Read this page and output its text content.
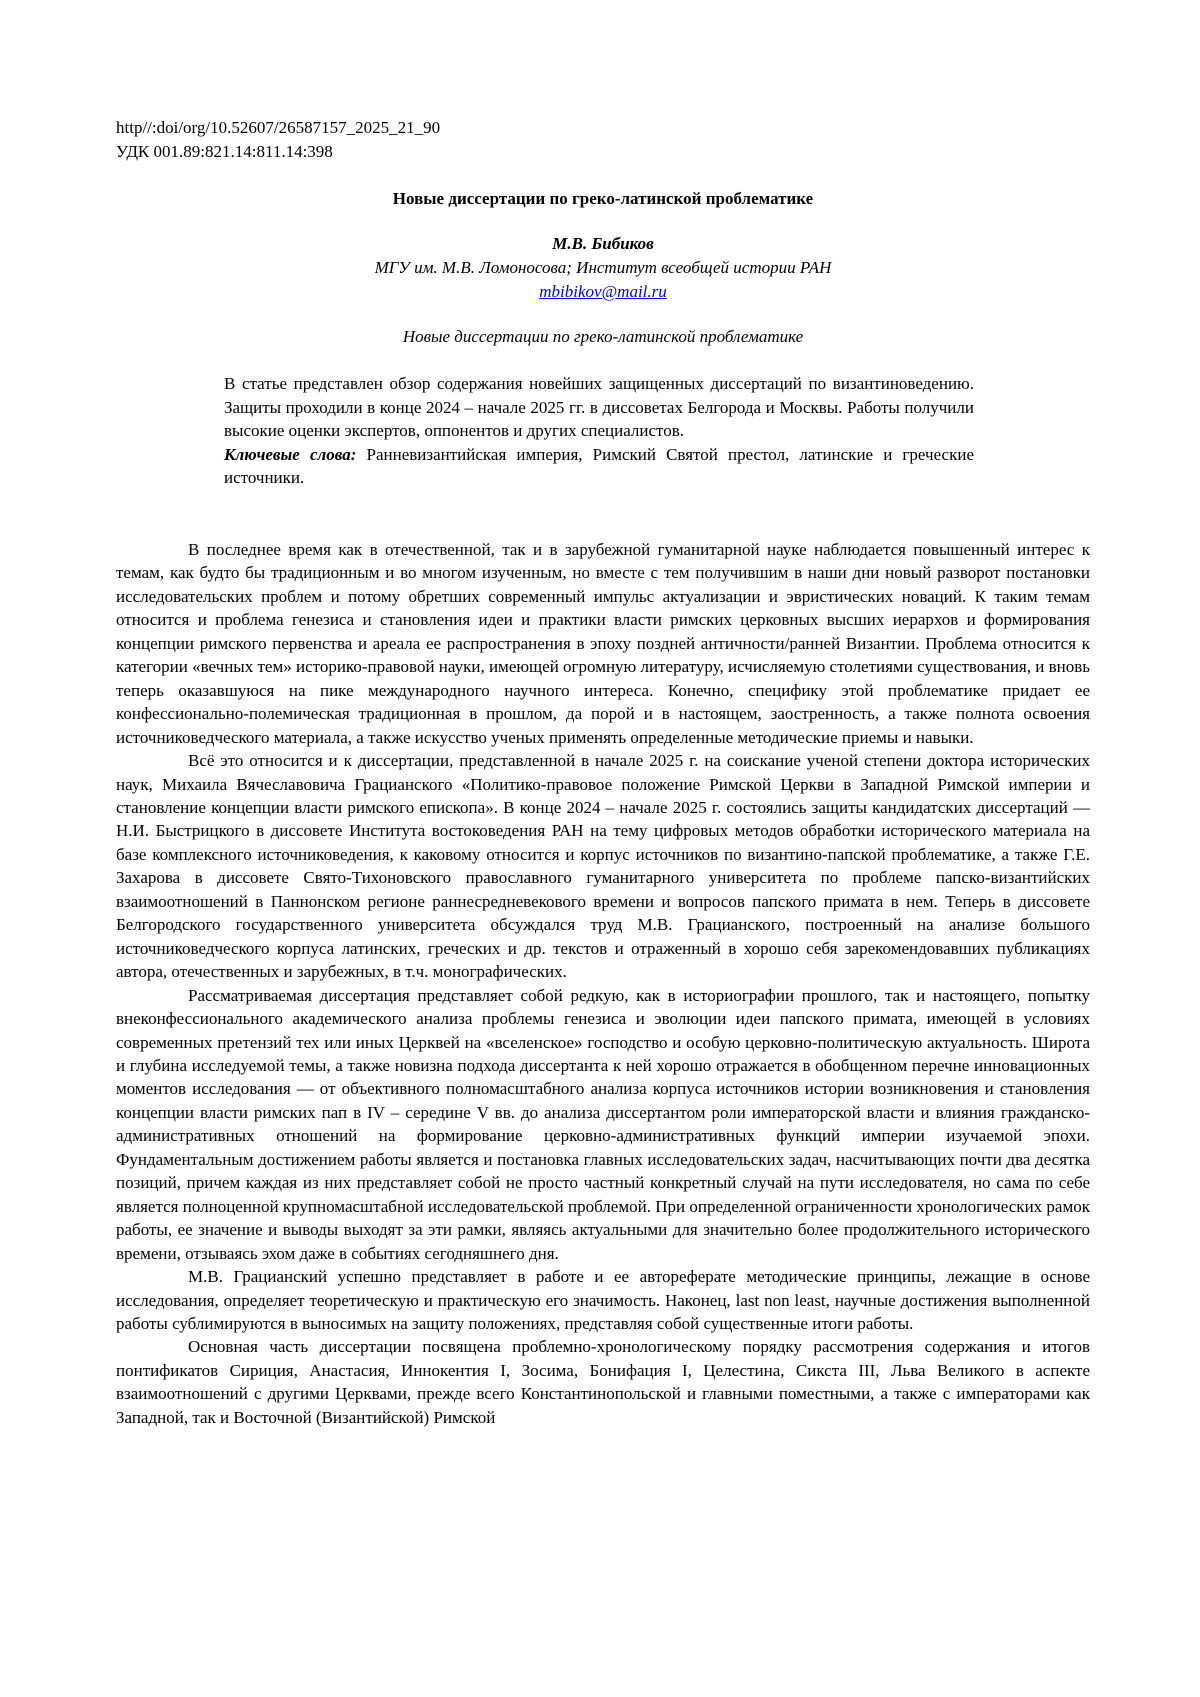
http//:doi/org/10.52607/26587157_2025_21_90
УДК 001.89:821.14:811.14:398
Новые диссертации по греко-латинской проблематике
М.В. Бибиков
МГУ им. М.В. Ломоносова; Институт всеобщей истории РАН
mbibikov@mail.ru
Новые диссертации по греко-латинской проблематике

В статье представлен обзор содержания новейших защищенных диссертаций по византиноведению. Защиты проходили в конце 2024 – начале 2025 гг. в диссоветах Белгорода и Москвы. Работы получили высокие оценки экспертов, оппонентов и других специалистов.

Ключевые слова: Ранневизантийская империя, Римский Святой престол, латинские и греческие источники.

В последнее время как в отечественной, так и в зарубежной гуманитарной науке наблюдается повышенный интерес к темам, как будто бы традиционным и во многом изученным, но вместе с тем получившим в наши дни новый разворот постановки исследовательских проблем и потому обретших современный импульс актуализации и эвристических новаций. К таким темам относится и проблема генезиса и становления идеи и практики власти римских церковных высших иерархов и формирования концепции римского первенства и ареала ее распространения в эпоху поздней античности/ранней Византии. Проблема относится к категории «вечных тем» историко-правовой науки, имеющей огромную литературу, исчисляемую столетиями существования, и вновь теперь оказавшуюся на пике международного научного интереса. Конечно, специфику этой проблематике придает ее конфессионально-полемическая традиционная в прошлом, да порой и в настоящем, заостренность, а также полнота освоения источниковедческого материала, а также искусство ученых применять определенные методические приемы и навыки.

Всё это относится и к диссертации, представленной в начале 2025 г. на соискание ученой степени доктора исторических наук, Михаила Вячеславовича Грацианского «Политико-правовое положение Римской Церкви в Западной Римской империи и становление концепции власти римского епископа». В конце 2024 – начале 2025 г. состоялись защиты кандидатских диссертаций — Н.И. Быстрицкого в диссовете Института востоковедения РАН на тему цифровых методов обработки исторического материала на базе комплексного источниковедения, к каковому относится и корпус источников по византино-папской проблематике, а также Г.Е. Захарова в диссовете Свято-Тихоновского православного гуманитарного университета по проблеме папско-византийских взаимоотношений в Паннонском регионе раннесредневекового времени и вопросов папского примата в нем. Теперь в диссовете Белгородского государственного университета обсуждался труд М.В. Грацианского, построенный на анализе большого источниковедческого корпуса латинских, греческих и др. текстов и отраженный в хорошо себя зарекомендовавших публикациях автора, отечественных и зарубежных, в т.ч. монографических.

Рассматриваемая диссертация представляет собой редкую, как в историографии прошлого, так и настоящего, попытку внеконфессионального академического анализа проблемы генезиса и эволюции идеи папского примата, имеющей в условиях современных претензий тех или иных Церквей на «вселенское» господство и особую церковно-политическую актуальность. Широта и глубина исследуемой темы, а также новизна подхода диссертанта к ней хорошо отражается в обобщенном перечне инновационных моментов исследования — от объективного полномасштабного анализа корпуса источников истории возникновения и становления концепции власти римских пап в IV – середине V вв. до анализа диссертантом роли императорской власти и влияния гражданско-административных отношений на формирование церковно-административных функций империи изучаемой эпохи. Фундаментальным достижением работы является и постановка главных исследовательских задач, насчитывающих почти два десятка позиций, причем каждая из них представляет собой не просто частный конкретный случай на пути исследователя, но сама по себе является полноценной крупномасштабной исследовательской проблемой. При определенной ограниченности хронологических рамок работы, ее значение и выводы выходят за эти рамки, являясь актуальными для значительно более продолжительного исторического времени, отзываясь эхом даже в событиях сегодняшнего дня.

М.В. Грацианский успешно представляет в работе и ее автореферате методические принципы, лежащие в основе исследования, определяет теоретическую и практическую его значимость. Наконец, last non least, научные достижения выполненной работы сублимируются в выносимых на защиту положениях, представляя собой существенные итоги работы.

Основная часть диссертации посвящена проблемно-хронологическому порядку рассмотрения содержания и итогов понтификатов Сириция, Анастасия, Иннокентия I, Зосима, Бонифация I, Целестина, Сикста III, Льва Великого в аспекте взаимоотношений с другими Церквами, прежде всего Константинопольской и главными поместными, а также с императорами как Западной, так и Восточной (Византийской) Римской
